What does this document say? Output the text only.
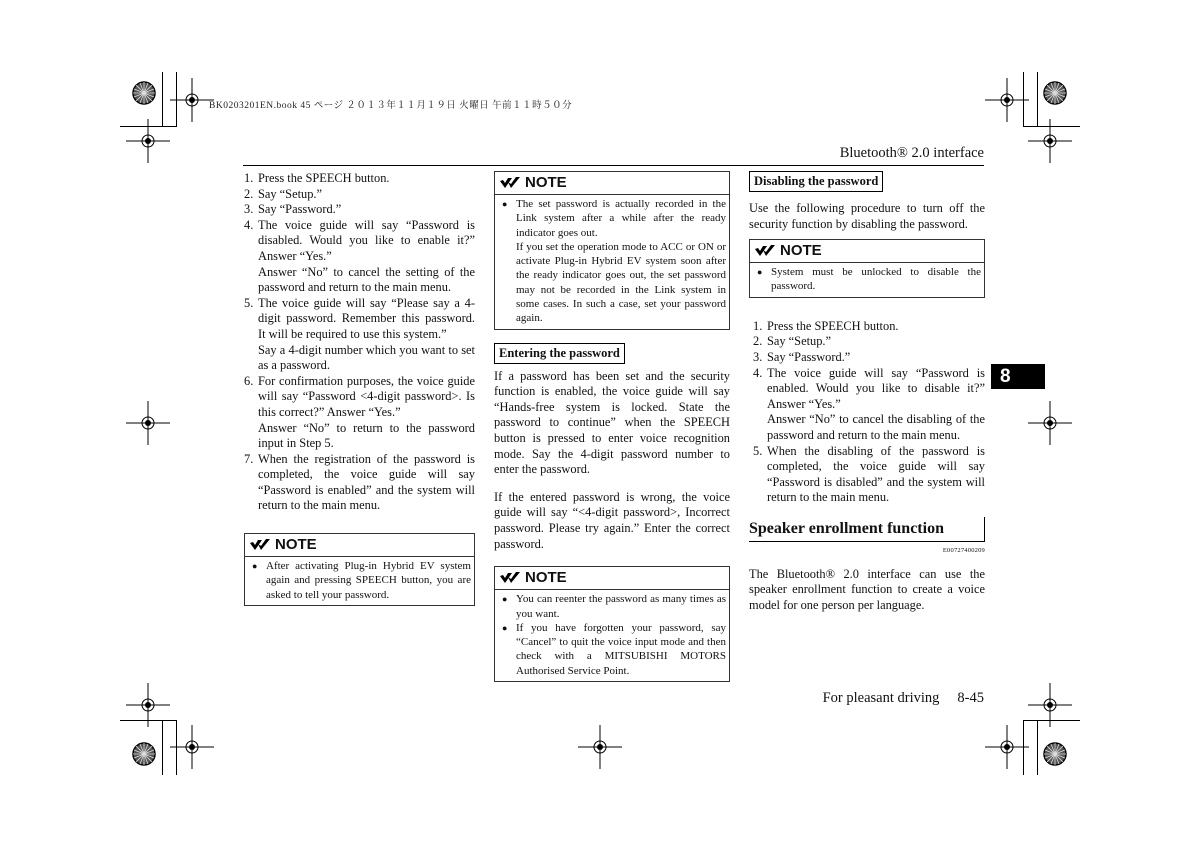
BK0203201EN.book 45 ページ ２０１３年１１月１９日 火曜日 午前１１時５０分
Bluetooth® 2.0 interface
1. Press the SPEECH button.
2. Say “Setup.”
3. Say “Password.”
4. The voice guide will say “Password is disabled. Would you like to enable it?” Answer “Yes.”
Answer “No” to cancel the setting of the password and return to the main menu.
5. The voice guide will say “Please say a 4-digit password. Remember this password. It will be required to use this system.”
Say a 4-digit number which you want to set as a password.
6. For confirmation purposes, the voice guide will say “Password <4-digit password>. Is this correct?” Answer “Yes.”
Answer “No” to return to the password input in Step 5.
7. When the registration of the password is completed, the voice guide will say “Password is enabled” and the system will return to the main menu.
NOTE
● After activating Plug-in Hybrid EV system again and pressing SPEECH button, you are asked to tell your password.
NOTE
● The set password is actually recorded in the Link system after a while after the ready indicator goes out.
If you set the operation mode to ACC or ON or activate Plug-in Hybrid EV system soon after the ready indicator goes out, the set password may not be recorded in the Link system in some cases. In such a case, set your password again.
Entering the password

If a password has been set and the security function is enabled, the voice guide will say “Hands-free system is locked. State the password to continue” when the SPEECH button is pressed to enter voice recognition mode. Say the 4-digit password number to enter the password.

If the entered password is wrong, the voice guide will say “<4-digit password>, Incorrect password. Please try again.” Enter the correct password.

NOTE
● You can reenter the password as many times as you want.
● If you have forgotten your password, say “Cancel” to quit the voice input mode and then check with a MITSUBISHI MOTORS Authorised Service Point.
Disabling the password

Use the following procedure to turn off the security function by disabling the password.

NOTE
● System must be unlocked to disable the password.
1. Press the SPEECH button.
2. Say “Setup.”
3. Say “Password.”
4. The voice guide will say “Password is enabled. Would you like to disable it?” Answer “Yes.”
Answer “No” to cancel the disabling of the password and return to the main menu.
5. When the disabling of the password is completed, the voice guide will say “Password is disabled” and the system will return to the main menu.
Speaker enrollment function
E00727400209

The Bluetooth® 2.0 interface can use the speaker enrollment function to create a voice model for one person per language.

8
For pleasant driving 8-45
